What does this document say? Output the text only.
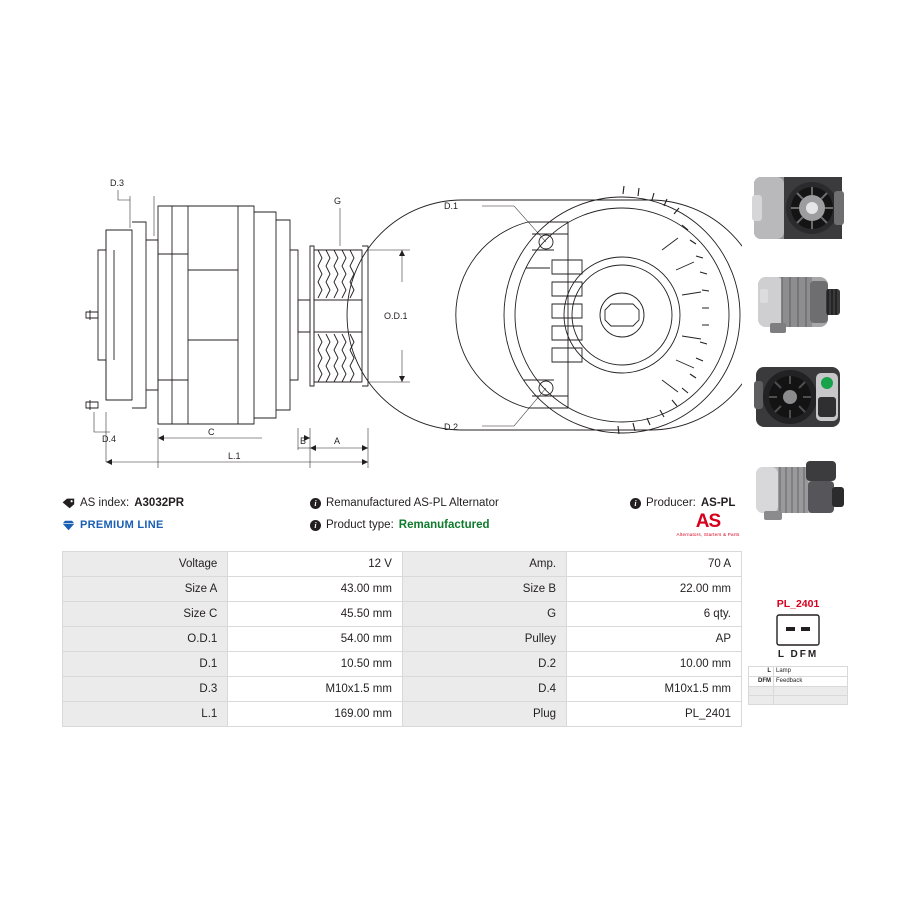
D.3
D.4
G
O.D.1
A
B
C
L.1
D.1
D.2
AS index: A3032PR	i Remanufactured AS-PL Alternator	i Producer: AS-PL
PREMIUM LINE	i Product type: Remanufactured	AS
Alternators, Starters & Parts
Voltage	12 V	Amp.	70 A
Size A	43.00 mm	Size B	22.00 mm
Size C	45.50 mm	G	6 qty.
O.D.1	54.00 mm	Pulley	AP
D.1	10.50 mm	D.2	10.00 mm
D.3	M10x1.5 mm	D.4	M10x1.5 mm
L.1	169.00 mm	Plug	PL_2401
PL_2401
L DFM
L	Lamp
DFM	Feedback
